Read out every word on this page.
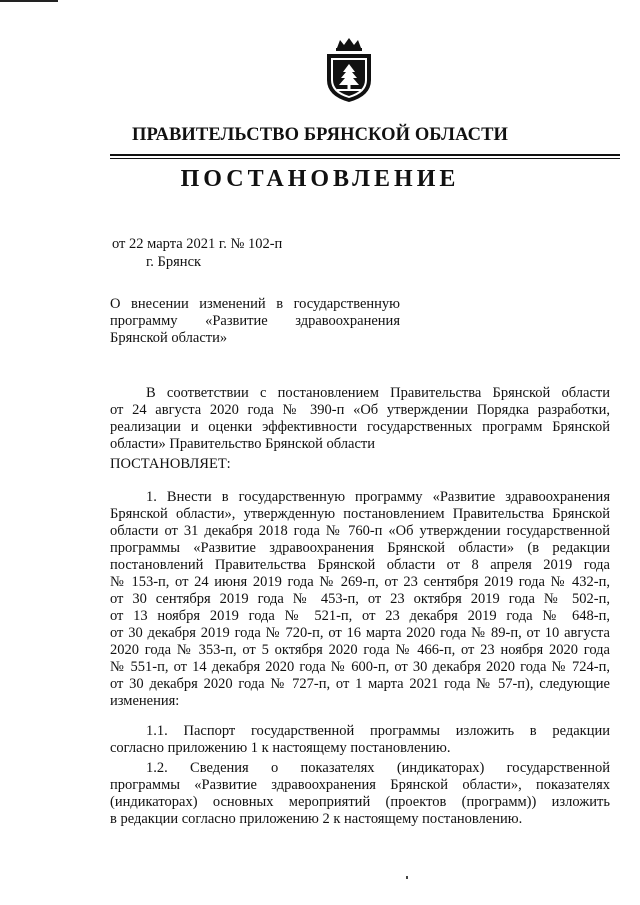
ПРАВИТЕЛЬСТВО БРЯНСКОЙ ОБЛАСТИ
ПОСТАНОВЛЕНИЕ
от 22 марта 2021 г. № 102-п
г. Брянск
О внесении изменений в государственную
программу «Развитие здравоохранения
Брянской области»
В соответствии с постановлением Правительства Брянской области
от 24 августа 2020 года № 390-п «Об утверждении Порядка разработки,
реализации и оценки эффективности государственных программ Брянской
области» Правительство Брянской области
ПОСТАНОВЛЯЕТ:
1. Внести в государственную программу «Развитие здравоохранения
Брянской области», утвержденную постановлением Правительства Брянской
области от 31 декабря 2018 года № 760-п «Об утверждении государственной
программы «Развитие здравоохранения Брянской области» (в редакции
постановлений Правительства Брянской области от 8 апреля 2019 года
№ 153-п, от 24 июня 2019 года № 269-п, от 23 сентября 2019 года № 432-п,
от 30 сентября 2019 года № 453-п, от 23 октября 2019 года № 502-п,
от 13 ноября 2019 года № 521-п, от 23 декабря 2019 года № 648-п,
от 30 декабря 2019 года № 720-п, от 16 марта 2020 года № 89-п, от 10 августа
2020 года № 353-п, от 5 октября 2020 года № 466-п, от 23 ноября 2020 года
№ 551-п, от 14 декабря 2020 года № 600-п, от 30 декабря 2020 года № 724-п,
от 30 декабря 2020 года № 727-п, от 1 марта 2021 года № 57-п), следующие
изменения:
1.1. Паспорт государственной программы изложить в редакции
согласно приложению 1 к настоящему постановлению.
1.2. Сведения о показателях (индикаторах) государственной
программы «Развитие здравоохранения Брянской области», показателях
(индикаторах) основных мероприятий (проектов (программ)) изложить
в редакции согласно приложению 2 к настоящему постановлению.
